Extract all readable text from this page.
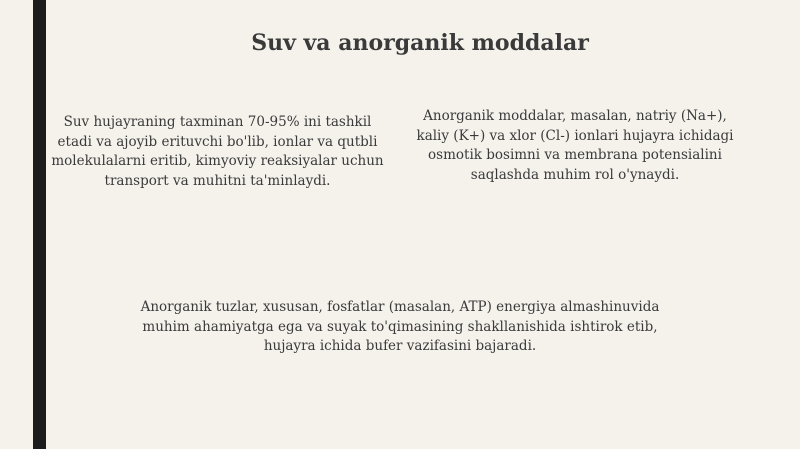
Suv va anorganik moddalar

Suv hujayraning taxminan 70-95% ini tashkil etadi va ajoyib erituvchi bo'lib, ionlar va qutbli molekulalarni eritib, kimyoviy reaksiyalar uchun transport va muhitni ta'minlaydi.

Anorganik moddalar, masalan, natriy (Na+), kaliy (K+) va xlor (Cl-) ionlari hujayra ichidagi osmotik bosimni va membrana potensialini saqlashda muhim rol o'ynaydi.

Anorganik tuzlar, xususan, fosfatlar (masalan, ATP) energiya almashinuvida muhim ahamiyatga ega va suyak to'qimasining shakllanishida ishtirok etib, hujayra ichida bufer vazifasini bajaradi.
